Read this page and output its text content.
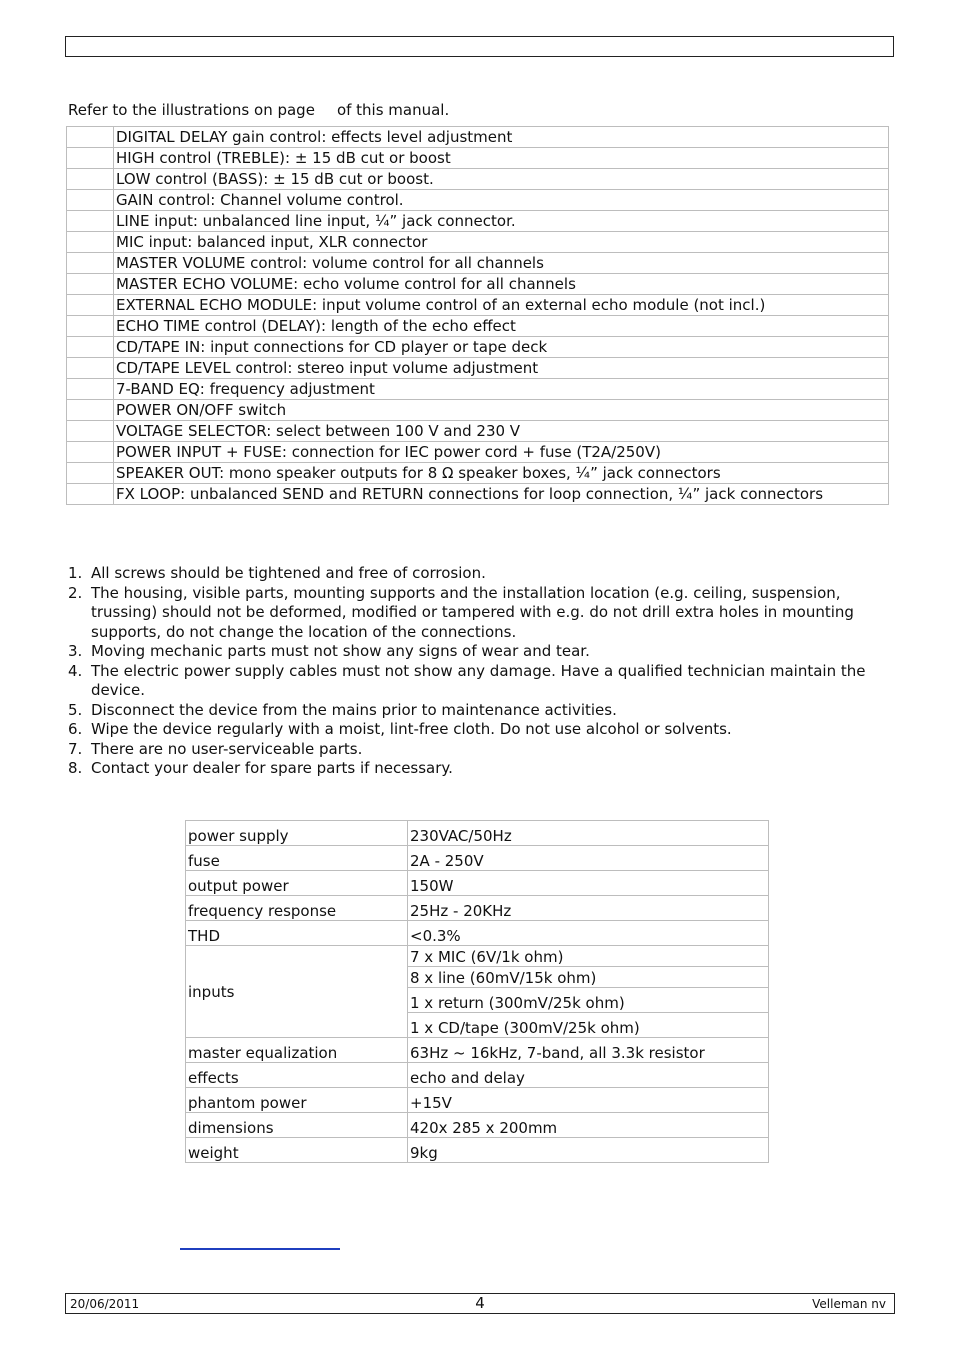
Refer to the illustrations on page of this manual.
	DIGITAL DELAY gain control: effects level adjustment
	HIGH control (TREBLE): ± 15 dB cut or boost
	LOW control (BASS): ± 15 dB cut or boost.
	GAIN control: Channel volume control.
	LINE input: unbalanced line input, ¼” jack connector.
	MIC input: balanced input, XLR connector
	MASTER VOLUME control: volume control for all channels
	MASTER ECHO VOLUME: echo volume control for all channels
	EXTERNAL ECHO MODULE: input volume control of an external echo module (not incl.)
	ECHO TIME control (DELAY): length of the echo effect
	CD/TAPE IN: input connections for CD player or tape deck
	CD/TAPE LEVEL control: stereo input volume adjustment
	7-BAND EQ: frequency adjustment
	POWER ON/OFF switch
	VOLTAGE SELECTOR: select between 100 V and 230 V
	POWER INPUT + FUSE: connection for IEC power cord + fuse (T2A/250V)
	SPEAKER OUT: mono speaker outputs for 8 Ω speaker boxes, ¼” jack connectors
	FX LOOP: unbalanced SEND and RETURN connections for loop connection, ¼” jack connectors
1. All screws should be tightened and free of corrosion.
2. The housing, visible parts, mounting supports and the installation location (e.g. ceiling, suspension, trussing) should not be deformed, modified or tampered with e.g. do not drill extra holes in mounting supports, do not change the location of the connections.
3. Moving mechanic parts must not show any signs of wear and tear.
4. The electric power supply cables must not show any damage. Have a qualified technician maintain the device.
5. Disconnect the device from the mains prior to maintenance activities.
6. Wipe the device regularly with a moist, lint-free cloth. Do not use alcohol or solvents.
7. There are no user-serviceable parts.
8. Contact your dealer for spare parts if necessary.
power supply	230VAC/50Hz
fuse	2A - 250V
output power	150W
frequency response	25Hz - 20KHz
THD	<0.3%
inputs	7 x MIC (6V/1k ohm)
	8 x line (60mV/15k ohm)
	1 x return (300mV/25k ohm)
	1 x CD/tape (300mV/25k ohm)
master equalization	63Hz ~ 16kHz, 7-band, all 3.3k resistor
effects	echo and delay
phantom power	+15V
dimensions	420x 285 x 200mm
weight	9kg
20/06/2011	4	Velleman nv
